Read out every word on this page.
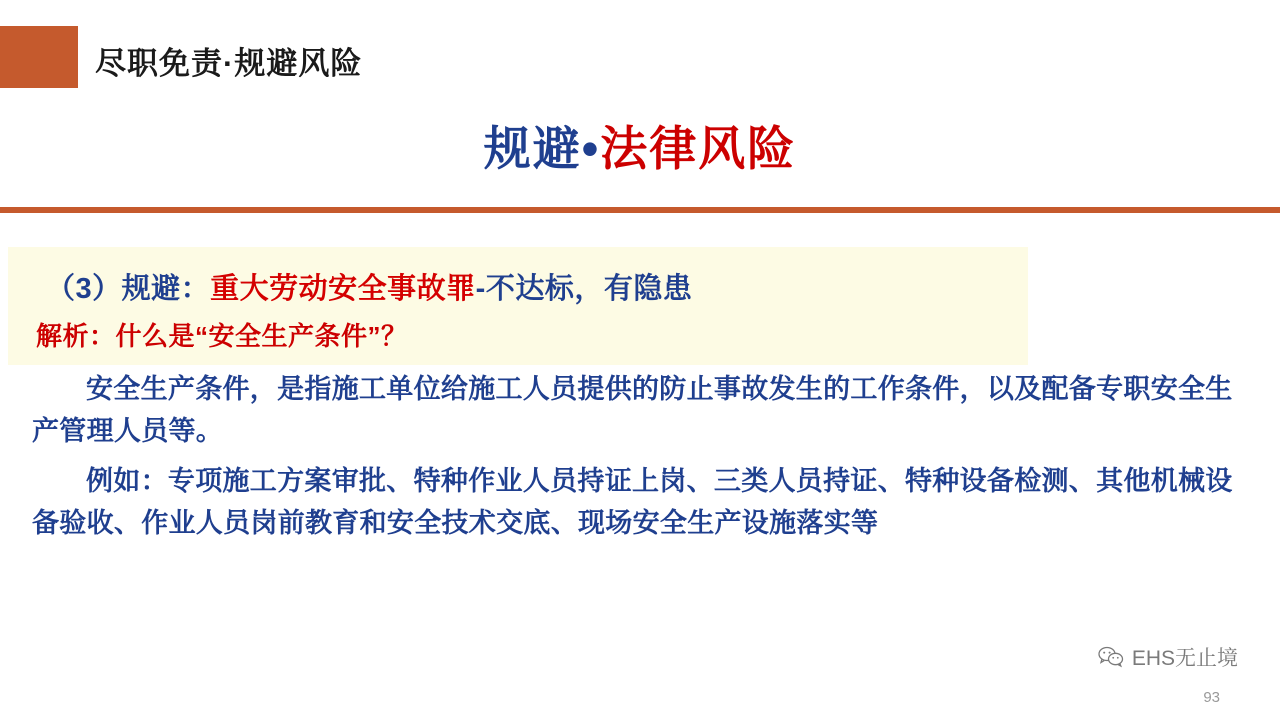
尽职免责·规避风险
规避•法律风险
（3）规避：重大劳动安全事故罪-不达标，有隐患
解析：什么是“安全生产条件”？

安全生产条件，是指施工单位给施工人员提供的防止事故发生的工作条件，以及配备专职安全生产管理人员等。

例如：专项施工方案审批、特种作业人员持证上岗、三类人员持证、特种设备检测、其他机械设备验收、作业人员岗前教育和安全技术交底、现场安全生产设施落实等

EHS无止境
93
